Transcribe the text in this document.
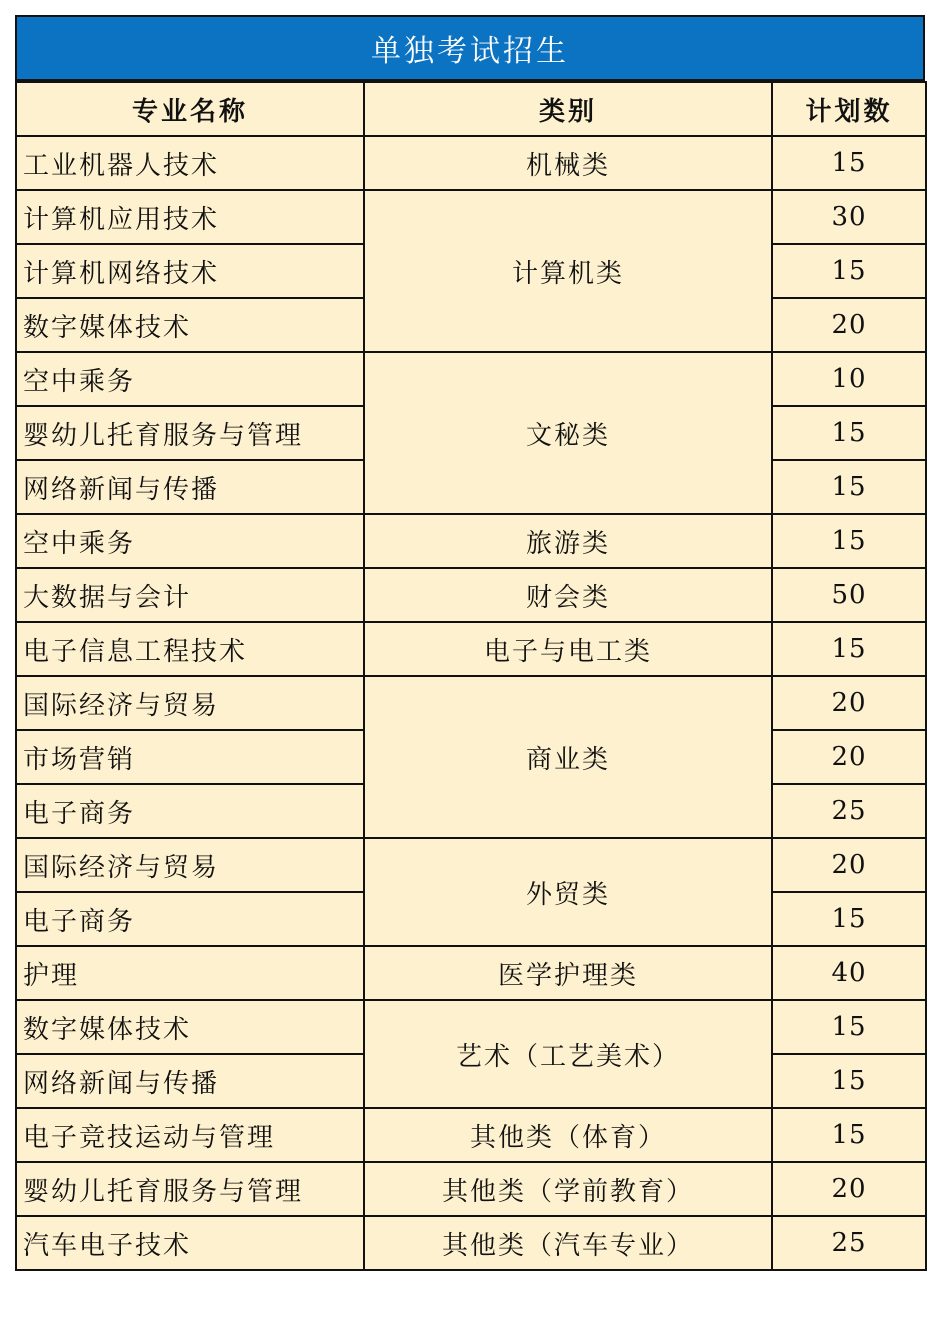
单独考试招生
专业名称	类别	计划数
工业机器人技术	机械类	15
计算机应用技术	计算机类	30
计算机网络技术		15
数字媒体技术		20
空中乘务	文秘类	10
婴幼儿托育服务与管理		15
网络新闻与传播		15
空中乘务	旅游类	15
大数据与会计	财会类	50
电子信息工程技术	电子与电工类	15
国际经济与贸易	商业类	20
市场营销		20
电子商务		25
国际经济与贸易	外贸类	20
电子商务		15
护理	医学护理类	40
数字媒体技术	艺术（工艺美术）	15
网络新闻与传播		15
电子竞技运动与管理	其他类（体育）	15
婴幼儿托育服务与管理	其他类（学前教育）	20
汽车电子技术	其他类（汽车专业）	25
